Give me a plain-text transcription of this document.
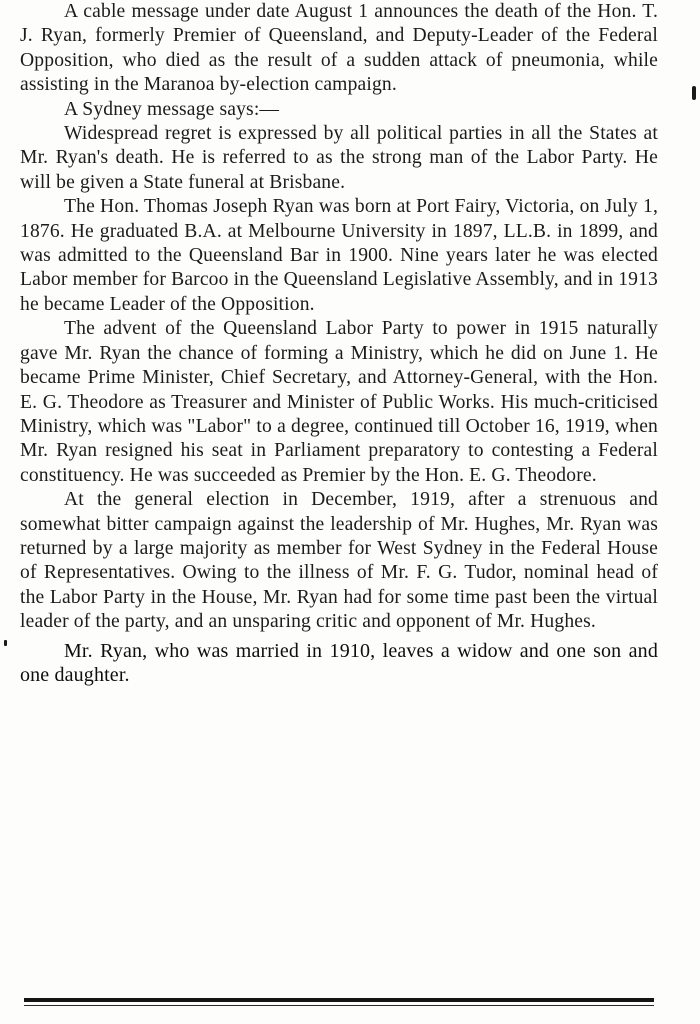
A cable message under date August 1 announces the death of the Hon. T. J. Ryan, formerly Premier of Queensland, and Deputy-Leader of the Federal Opposition, who died as the result of a sudden attack of pneumonia, while assisting in the Maranoa by-election campaign.

A Sydney message says:—

Widespread regret is expressed by all political parties in all the States at Mr. Ryan's death. He is referred to as the strong man of the Labor Party. He will be given a State funeral at Brisbane.

The Hon. Thomas Joseph Ryan was born at Port Fairy, Victoria, on July 1, 1876. He graduated B.A. at Melbourne University in 1897, LL.B. in 1899, and was admitted to the Queensland Bar in 1900. Nine years later he was elected Labor member for Barcoo in the Queensland Legislative Assembly, and in 1913 he became Leader of the Opposition.

The advent of the Queensland Labor Party to power in 1915 naturally gave Mr. Ryan the chance of forming a Ministry, which he did on June 1. He became Prime Minister, Chief Secretary, and Attorney-General, with the Hon. E. G. Theodore as Treasurer and Minister of Public Works. His much-criticised Ministry, which was "Labor" to a degree, continued till October 16, 1919, when Mr. Ryan resigned his seat in Parliament preparatory to contesting a Federal constituency. He was succeeded as Premier by the Hon. E. G. Theodore.

At the general election in December, 1919, after a strenuous and somewhat bitter campaign against the leadership of Mr. Hughes, Mr. Ryan was returned by a large majority as member for West Sydney in the Federal House of Representatives. Owing to the illness of Mr. F. G. Tudor, nominal head of the Labor Party in the House, Mr. Ryan had for some time past been the virtual leader of the party, and an unsparing critic and opponent of Mr. Hughes.

Mr. Ryan, who was married in 1910, leaves a widow and one son and one daughter.
